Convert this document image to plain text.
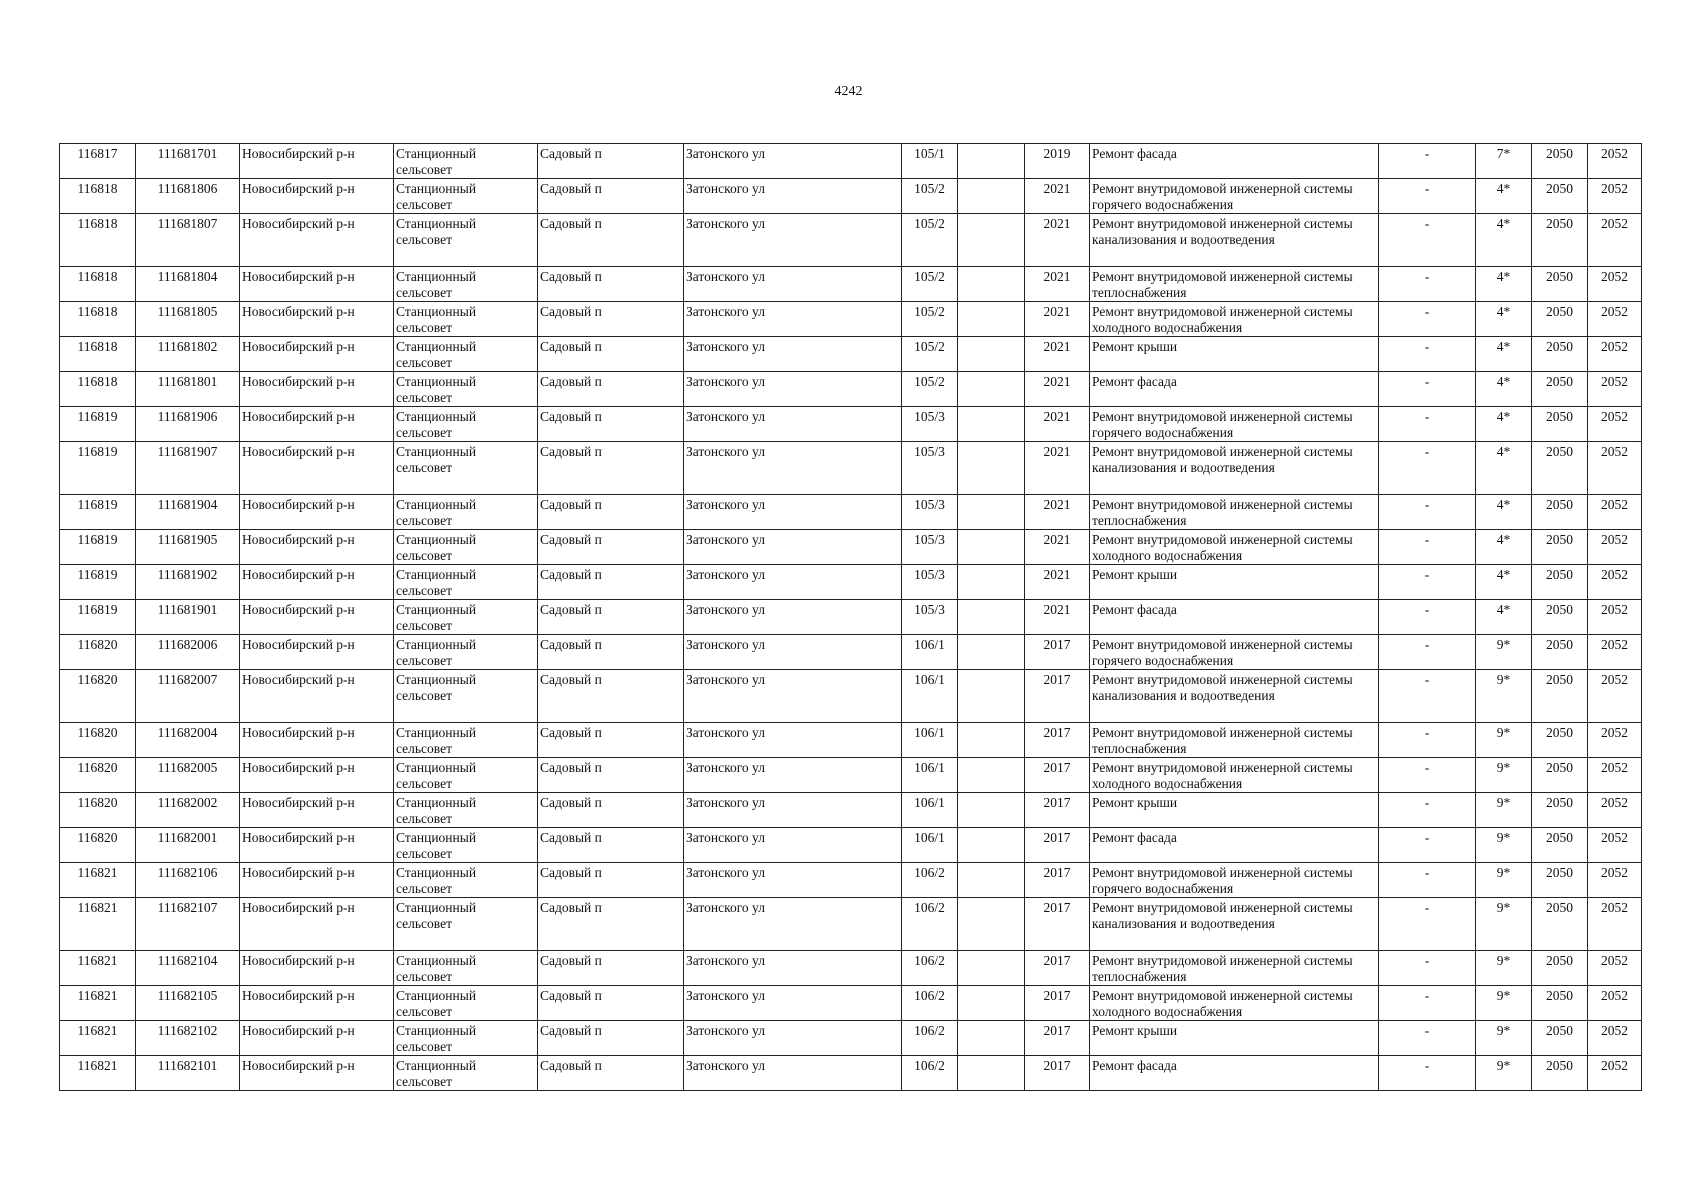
4242
116817	111681701	Новосибирский р-н	Станционный сельсовет	Садовый п	Затонского ул	105/1		2019	Ремонт фасада	-	7*	2050	2052
116818	111681806	Новосибирский р-н	Станционный сельсовет	Садовый п	Затонского ул	105/2		2021	Ремонт внутридомовой инженерной системы горячего водоснабжения	-	4*	2050	2052
116818	111681807	Новосибирский р-н	Станционный сельсовет	Садовый п	Затонского ул	105/2		2021	Ремонт внутридомовой инженерной системы канализования и водоотведения	-	4*	2050	2052
116818	111681804	Новосибирский р-н	Станционный сельсовет	Садовый п	Затонского ул	105/2		2021	Ремонт внутридомовой инженерной системы теплоснабжения	-	4*	2050	2052
116818	111681805	Новосибирский р-н	Станционный сельсовет	Садовый п	Затонского ул	105/2		2021	Ремонт внутридомовой инженерной системы холодного водоснабжения	-	4*	2050	2052
116818	111681802	Новосибирский р-н	Станционный сельсовет	Садовый п	Затонского ул	105/2		2021	Ремонт крыши	-	4*	2050	2052
116818	111681801	Новосибирский р-н	Станционный сельсовет	Садовый п	Затонского ул	105/2		2021	Ремонт фасада	-	4*	2050	2052
116819	111681906	Новосибирский р-н	Станционный сельсовет	Садовый п	Затонского ул	105/3		2021	Ремонт внутридомовой инженерной системы горячего водоснабжения	-	4*	2050	2052
116819	111681907	Новосибирский р-н	Станционный сельсовет	Садовый п	Затонского ул	105/3		2021	Ремонт внутридомовой инженерной системы канализования и водоотведения	-	4*	2050	2052
116819	111681904	Новосибирский р-н	Станционный сельсовет	Садовый п	Затонского ул	105/3		2021	Ремонт внутридомовой инженерной системы теплоснабжения	-	4*	2050	2052
116819	111681905	Новосибирский р-н	Станционный сельсовет	Садовый п	Затонского ул	105/3		2021	Ремонт внутридомовой инженерной системы холодного водоснабжения	-	4*	2050	2052
116819	111681902	Новосибирский р-н	Станционный сельсовет	Садовый п	Затонского ул	105/3		2021	Ремонт крыши	-	4*	2050	2052
116819	111681901	Новосибирский р-н	Станционный сельсовет	Садовый п	Затонского ул	105/3		2021	Ремонт фасада	-	4*	2050	2052
116820	111682006	Новосибирский р-н	Станционный сельсовет	Садовый п	Затонского ул	106/1		2017	Ремонт внутридомовой инженерной системы горячего водоснабжения	-	9*	2050	2052
116820	111682007	Новосибирский р-н	Станционный сельсовет	Садовый п	Затонского ул	106/1		2017	Ремонт внутридомовой инженерной системы канализования и водоотведения	-	9*	2050	2052
116820	111682004	Новосибирский р-н	Станционный сельсовет	Садовый п	Затонского ул	106/1		2017	Ремонт внутридомовой инженерной системы теплоснабжения	-	9*	2050	2052
116820	111682005	Новосибирский р-н	Станционный сельсовет	Садовый п	Затонского ул	106/1		2017	Ремонт внутридомовой инженерной системы холодного водоснабжения	-	9*	2050	2052
116820	111682002	Новосибирский р-н	Станционный сельсовет	Садовый п	Затонского ул	106/1		2017	Ремонт крыши	-	9*	2050	2052
116820	111682001	Новосибирский р-н	Станционный сельсовет	Садовый п	Затонского ул	106/1		2017	Ремонт фасада	-	9*	2050	2052
116821	111682106	Новосибирский р-н	Станционный сельсовет	Садовый п	Затонского ул	106/2		2017	Ремонт внутридомовой инженерной системы горячего водоснабжения	-	9*	2050	2052
116821	111682107	Новосибирский р-н	Станционный сельсовет	Садовый п	Затонского ул	106/2		2017	Ремонт внутридомовой инженерной системы канализования и водоотведения	-	9*	2050	2052
116821	111682104	Новосибирский р-н	Станционный сельсовет	Садовый п	Затонского ул	106/2		2017	Ремонт внутридомовой инженерной системы теплоснабжения	-	9*	2050	2052
116821	111682105	Новосибирский р-н	Станционный сельсовет	Садовый п	Затонского ул	106/2		2017	Ремонт внутридомовой инженерной системы холодного водоснабжения	-	9*	2050	2052
116821	111682102	Новосибирский р-н	Станционный сельсовет	Садовый п	Затонского ул	106/2		2017	Ремонт крыши	-	9*	2050	2052
116821	111682101	Новосибирский р-н	Станционный сельсовет	Садовый п	Затонского ул	106/2		2017	Ремонт фасада	-	9*	2050	2052
